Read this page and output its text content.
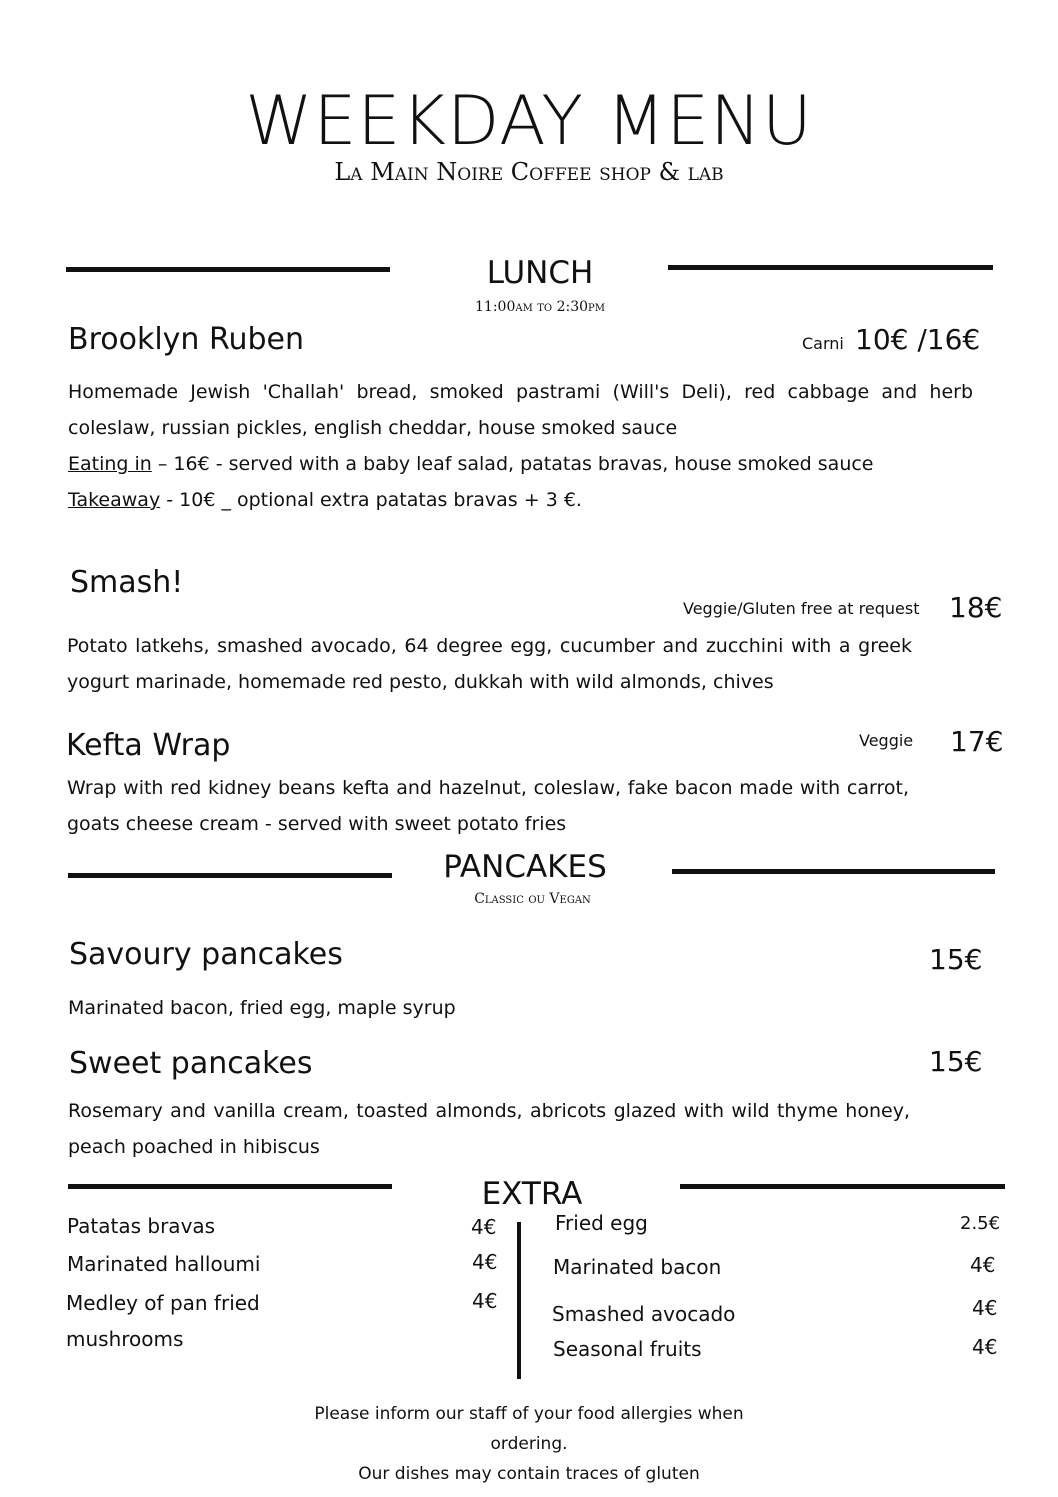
WEEKDAY MENU
La Main Noire Coffee shop & lab
LUNCH
11:00am to 2:30pm
Brooklyn Ruben	Carni 10€ /16€
Homemade Jewish 'Challah' bread, smoked pastrami (Will's Deli), red cabbage and herb coleslaw, russian pickles, english cheddar, house smoked sauce
Eating in – 16€ - served with a baby leaf salad, patatas bravas, house smoked sauce
Takeaway - 10€ _ optional extra patatas bravas + 3 €.
Smash!
Veggie/Gluten free at request 18€
Potato latkehs, smashed avocado, 64 degree egg, cucumber and zucchini with a greek yogurt marinade, homemade red pesto, dukkah with wild almonds, chives
Kefta Wrap	Veggie 17€
Wrap with red kidney beans kefta and hazelnut, coleslaw, fake bacon made with carrot, goats cheese cream - served with sweet potato fries
PANCAKES
Classic ou Vegan
Savoury pancakes	15€
Marinated bacon, fried egg, maple syrup
Sweet pancakes	15€
Rosemary and vanilla cream, toasted almonds, abricots glazed with wild thyme honey, peach poached in hibiscus
EXTRA
Patatas bravas	4€
Marinated halloumi	4€
Medley of pan fried
mushrooms
4€
Fried egg	2.5€
Marinated bacon	4€
Smashed avocado	4€
Seasonal fruits	4€
Please inform our staff of your food allergies when
ordering.
Our dishes may contain traces of gluten
